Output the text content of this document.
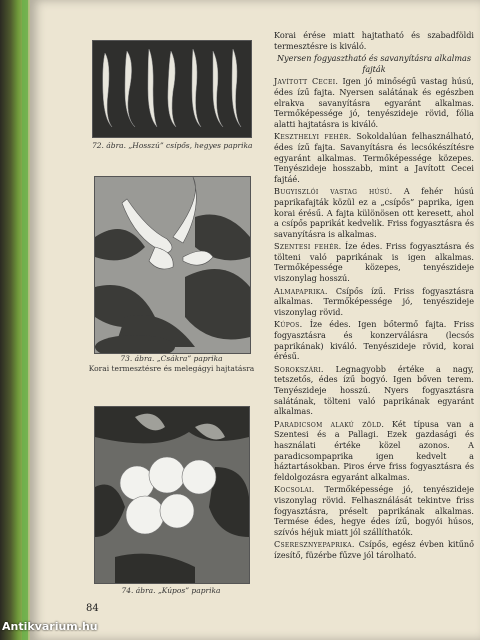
72. ábra. „Hosszú” csípős, hegyes paprika
73. ábra. „Csákra” paprika
Korai termesztésre és melegágyi hajtatásra
74. ábra. „Kúpos” paprika

Korai érése miatt hajtatható és szabadföldi termesztésre is kiváló.

Nyersen fogyasztható és savanyításra alkalmas fajták

Javított Cecei. Igen jó minőségű vastag húsú, édes ízű fajta. Nyersen salátának és egészben elrakva savanyításra egyaránt alkalmas. Termőképessége jó, tenyészideje rövid, fólia alatti hajtatásra is kiváló.

Keszthelyi fehér. Sokoldalúan felhasználható, édes ízű fajta. Savanyításra és lecsókészítésre egyaránt alkalmas. Termőképessége közepes. Tenyészideje hosszabb, mint a Javított Cecei fajtáé.

Bugyiszlói vastag húsú. A fehér húsú paprikafajták közül ez a „csípős” paprika, igen korai érésű. A fajta különösen ott keresett, ahol a csípős paprikát kedvelik. Friss fogyasztásra és savanyításra is alkalmas.

Szentesi fehér. Íze édes. Friss fogyasztásra és tölteni való paprikának is igen alkalmas. Termőképessége közepes, tenyészideje viszonylag hosszú.

Almapaprika. Csípős ízű. Friss fogyasztásra alkalmas. Termőképessége jó, tenyészideje viszonylag rövid.

Kúpos. Íze édes. Igen bőtermő fajta. Friss fogyasztásra és konzerválásra (lecsós paprikának) kiváló. Tenyészideje rövid, korai érésű.

Sorokszári. Legnagyobb értéke a nagy, tetszetős, édes ízű bogyó. Igen bőven terem. Tenyészideje hosszú. Nyers fogyasztásra salátának, tölteni való paprikának egyaránt alkalmas.

Paradicsom alakú zöld. Két típusa van a Szentesi és a Pallagi. Ezek gazdasági és használati értéke közel azonos. A paradicsompaprika igen kedvelt a háztartásokban. Piros érve friss fogyasztásra és feldolgozásra egyaránt alkalmas.

Kocsolai. Termőképessége jó, tenyészideje viszonylag rövid. Felhasználását tekintve friss fogyasztásra, préselt paprikának alkalmas. Termése édes, hegye édes ízű, bogyói húsos, szívós héjuk miatt jól szállíthatók.

Cseresznyepaprika. Csípős, egész évben kitűnő ízesítő, füzérbe fűzve jól tárolható.

84
Antikvarium.hu
